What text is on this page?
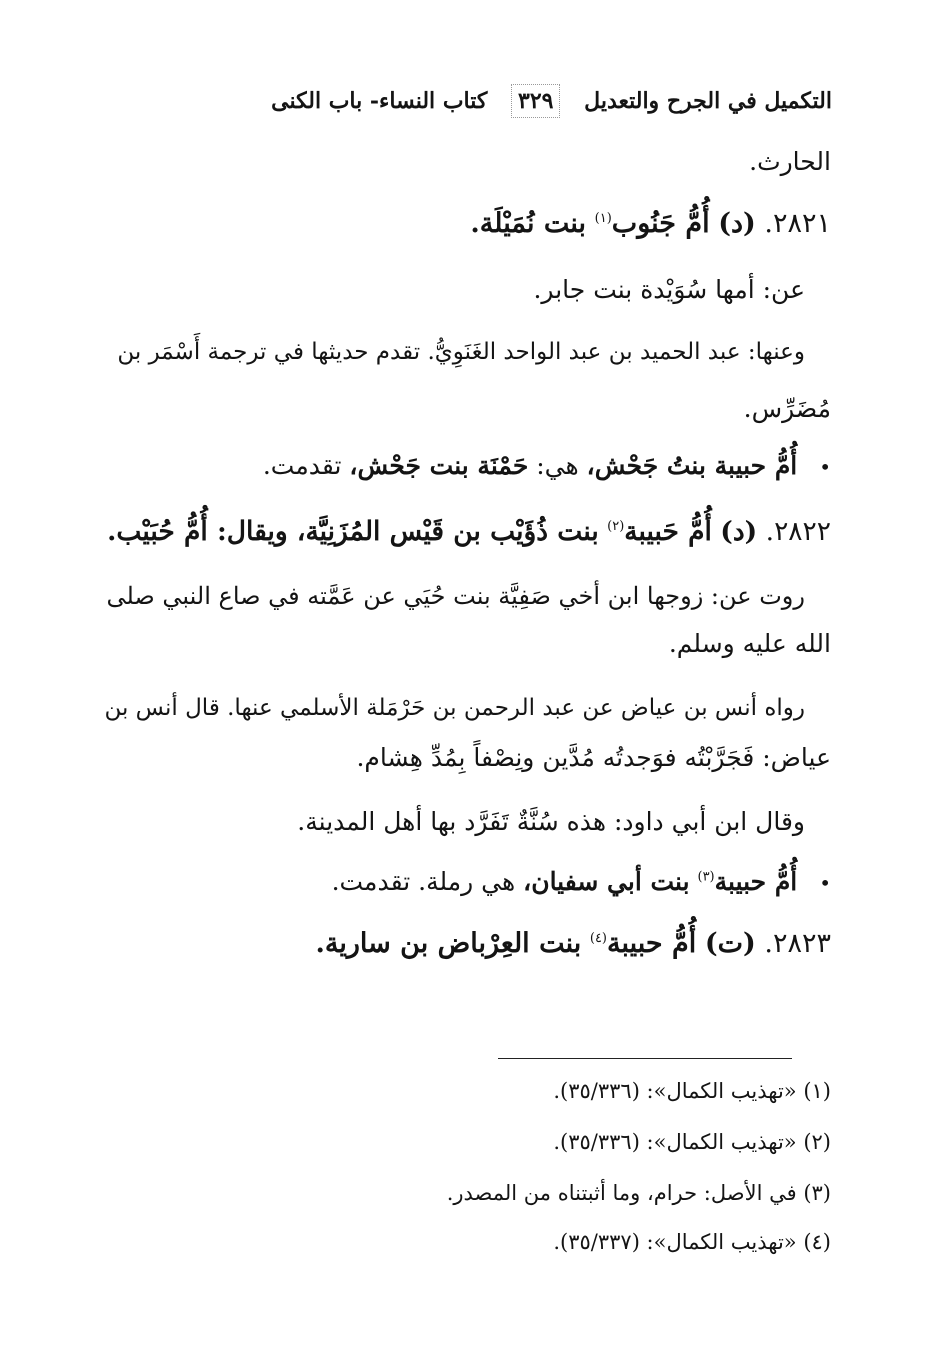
التكميل في الجرح والتعديل ٣٢٩ كتاب النساء- باب الكنى
الحارث.
٢٨٢١. (د) أُمُّ جَنُوب$^{(١)}$ بنت نُمَيْلَة.
عن: أمها سُوَيْدة بنت جابر.
وعنها: عبد الحميد بن عبد الواحد الغَنَوِيُّ. تقدم حديثها في ترجمة أَسْمَر بن
مُضَرِّس.
• أُمُّ حبيبة بنتُ جَحْش، هي: حَمْنَة بنت جَحْش، تقدمت.
٢٨٢٢. (د) أُمُّ حَبيبة$^{(٢)}$ بنت ذُؤَيْب بن قَيْس المُزَنِيَّة، ويقال: أُمُّ حُبَيْب.
روت عن: زوجها ابن أخي صَفِيَّة بنت حُيَي عن عَمَّته في صاع النبي صلى
الله عليه وسلم.
رواه أنس بن عياض عن عبد الرحمن بن حَرْمَلة الأسلمي عنها. قال أنس بن
عياض: فَجَرَّبْتُه فوَجدتُه مُدَّين ونِصْفاً بِمُدِّ هِشام.
وقال ابن أبي داود: هذه سُنَّةٌ تَفَرَّد بها أهل المدينة.
• أُمُّ حبيبة$^{(٣)}$ بنت أبي سفيان، هي رملة. تقدمت.
٢٨٢٣. (ت) أُمُّ حبيبة$^{(٤)}$ بنت العِرْباض بن سارية.
(١) «تهذيب الكمال»: (٣٥/٣٣٦).
(٢) «تهذيب الكمال»: (٣٥/٣٣٦).
(٣) في الأصل: حرام، وما أثبتناه من المصدر.
(٤) «تهذيب الكمال»: (٣٥/٣٣٧).
